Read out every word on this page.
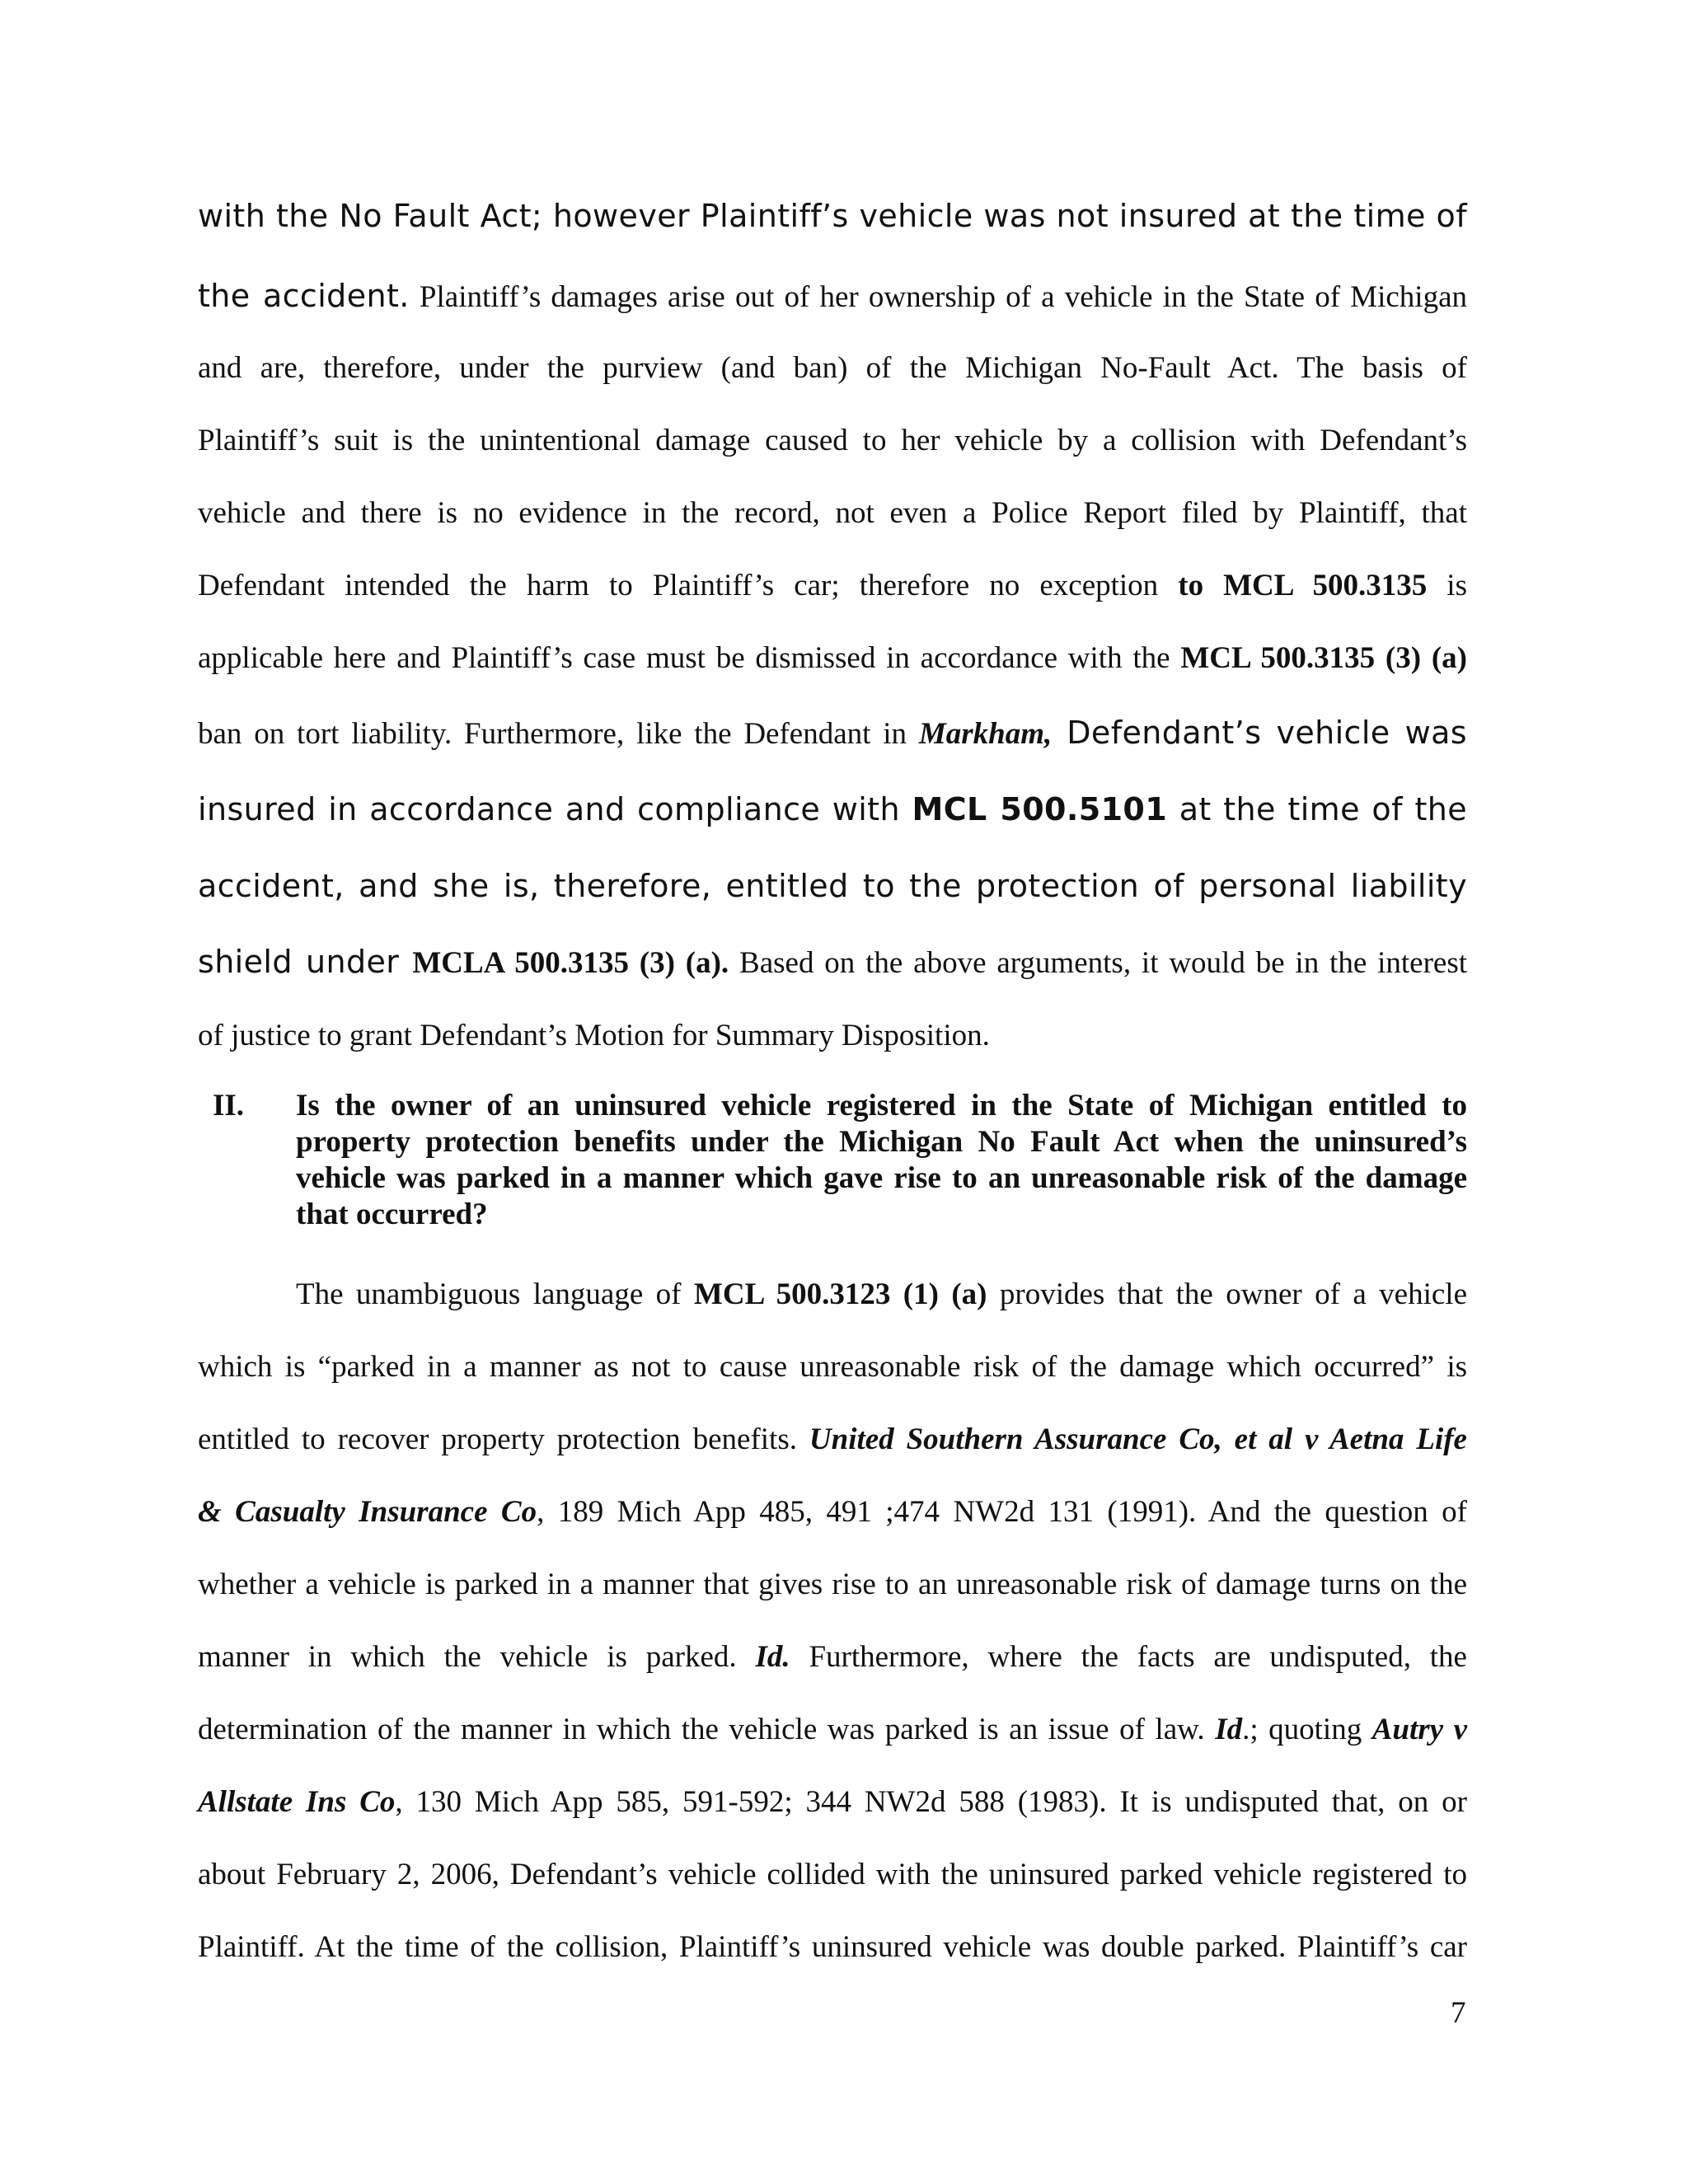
with the No Fault Act; however Plaintiff’s vehicle was not insured at the time of
the accident. Plaintiff’s damages arise out of her ownership of a vehicle in the State of Michigan
and are, therefore, under the purview (and ban) of the Michigan No-Fault Act. The basis of
Plaintiff’s suit is the unintentional damage caused to her vehicle by a collision with Defendant’s
vehicle and there is no evidence in the record, not even a Police Report filed by Plaintiff, that
Defendant intended the harm to Plaintiff’s car; therefore no exception to MCL 500.3135 is
applicable here and Plaintiff’s case must be dismissed in accordance with the MCL 500.3135 (3) (a)
ban on tort liability. Furthermore, like the Defendant in Markham, Defendant’s vehicle was
insured in accordance and compliance with MCL 500.5101 at the time of the
accident, and she is, therefore, entitled to the protection of personal liability
shield under MCLA 500.3135 (3) (a). Based on the above arguments, it would be in the interest
of justice to grant Defendant’s Motion for Summary Disposition.
II. Is the owner of an uninsured vehicle registered in the State of Michigan entitled to
property protection benefits under the Michigan No Fault Act when the uninsured’s
vehicle was parked in a manner which gave rise to an unreasonable risk of the damage
that occurred?
The unambiguous language of MCL 500.3123 (1) (a) provides that the owner of a vehicle
which is “parked in a manner as not to cause unreasonable risk of the damage which occurred” is
entitled to recover property protection benefits. United Southern Assurance Co, et al v Aetna Life
& Casualty Insurance Co, 189 Mich App 485, 491 ;474 NW2d 131 (1991). And the question of
whether a vehicle is parked in a manner that gives rise to an unreasonable risk of damage turns on the
manner in which the vehicle is parked. Id. Furthermore, where the facts are undisputed, the
determination of the manner in which the vehicle was parked is an issue of law. Id.; quoting Autry v
Allstate Ins Co, 130 Mich App 585, 591-592; 344 NW2d 588 (1983). It is undisputed that, on or
about February 2, 2006, Defendant’s vehicle collided with the uninsured parked vehicle registered to
Plaintiff. At the time of the collision, Plaintiff’s uninsured vehicle was double parked. Plaintiff’s car
7
